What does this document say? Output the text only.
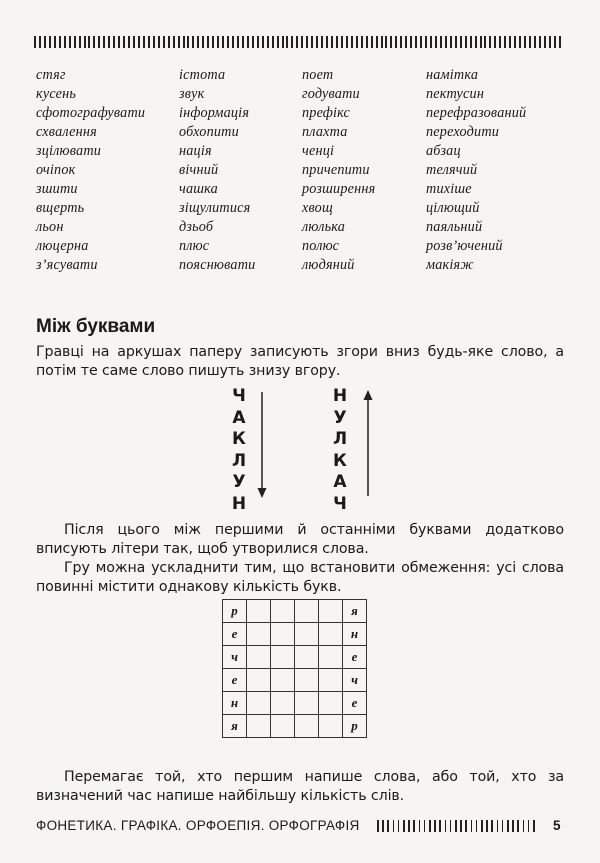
стяг
кусень
сфотографувати
схвалення
зцілювати
очіпок
зшити
вщерть
льон
люцерна
з’ясувати
істота
звук
інформація
обхопити
нація
вічний
чашка
зіщулитися
дзьоб
плюс
пояснювати
поет
годувати
префікс
плахта
ченці
причепити
розширення
хвощ
люлька
полюс
людяний
намітка
пектусин
перефразований
переходити
абзац
телячий
тихіше
цілющий
паяльний
розв’ючений
макіяж
Між буквами
Гравці на аркушах паперу записують згори вниз будь-яке слово, а потім те саме слово пишуть знизу вгору.
Ч
А
К
Л
У
Н
Н
У
Л
К
А
Ч
Після цього між першими й останніми буквами додатково вписують літери так, щоб утворилися слова.
Гру можна ускладнити тим, що встановити обмеження: усі слова повинні містити однакову кількість букв.
р					я
е					н
ч					е
е					ч
н					е
я					р
Перемагає той, хто першим напише слова, або той, хто за визначений час напише найбільшу кількість слів.
ФОНЕТИКА. ГРАФІКА. ОРФОЕПІЯ. ОРФОГРАФІЯ	5
